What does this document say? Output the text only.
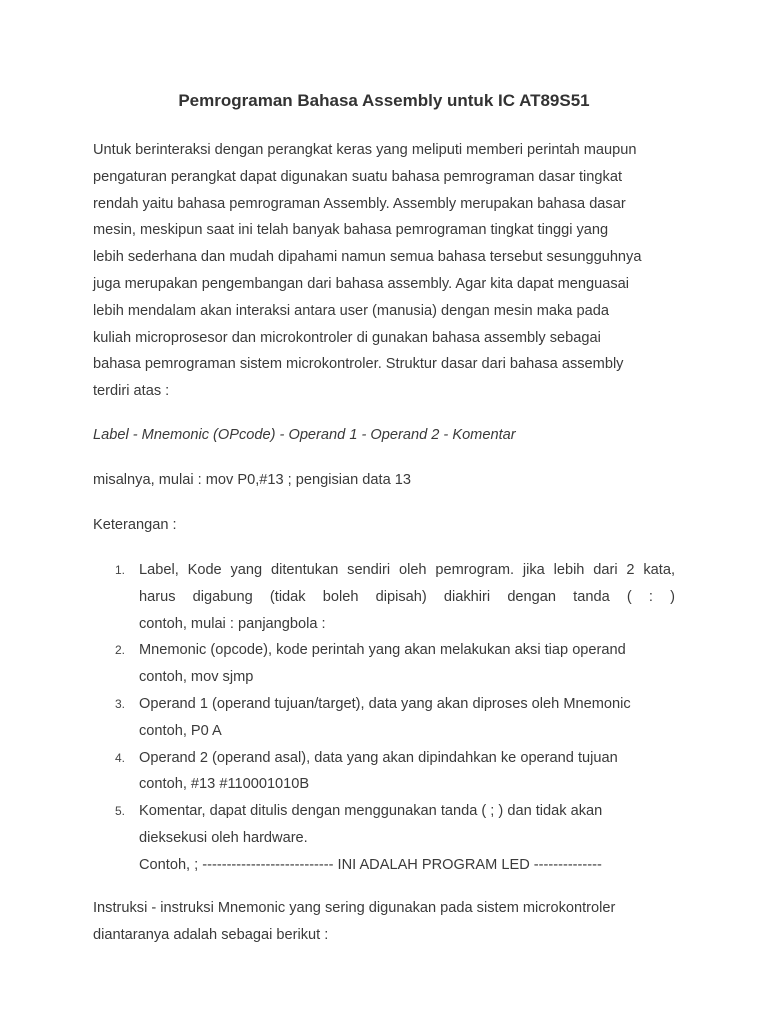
Pemrograman Bahasa Assembly untuk IC AT89S51
Untuk berinteraksi dengan perangkat keras yang meliputi memberi perintah maupun
pengaturan perangkat dapat digunakan suatu bahasa pemrograman dasar tingkat
rendah yaitu bahasa pemrograman Assembly. Assembly merupakan bahasa dasar
mesin, meskipun saat ini telah banyak bahasa pemrograman tingkat tinggi yang
lebih sederhana dan mudah dipahami namun semua bahasa tersebut sesungguhnya
juga merupakan pengembangan dari bahasa assembly. Agar kita dapat menguasai
lebih mendalam akan interaksi antara user (manusia) dengan mesin maka pada
kuliah microprosesor dan microkontroler di gunakan bahasa assembly sebagai
bahasa pemrograman sistem microkontroler. Struktur dasar dari bahasa assembly
terdiri atas :
Label - Mnemonic (OPcode) - Operand 1 - Operand 2 - Komentar
misalnya, mulai : mov P0,#13 ; pengisian data 13
Keterangan :
1. Label, Kode yang ditentukan sendiri oleh pemrogram. jika lebih dari 2 kata,
harus digabung (tidak boleh dipisah) diakhiri dengan tanda ( : )
contoh, mulai : panjangbola :
2. Mnemonic (opcode), kode perintah yang akan melakukan aksi tiap operand
contoh, mov sjmp
3. Operand 1 (operand tujuan/target), data yang akan diproses oleh Mnemonic
contoh, P0 A
4. Operand 2 (operand asal), data yang akan dipindahkan ke operand tujuan
contoh, #13 #110001010B
5. Komentar, dapat ditulis dengan menggunakan tanda ( ; ) dan tidak akan
dieksekusi oleh hardware.
Contoh, ; --------------------------- INI ADALAH PROGRAM LED --------------
Instruksi - instruksi Mnemonic yang sering digunakan pada sistem microkontroler
diantaranya adalah sebagai berikut :
